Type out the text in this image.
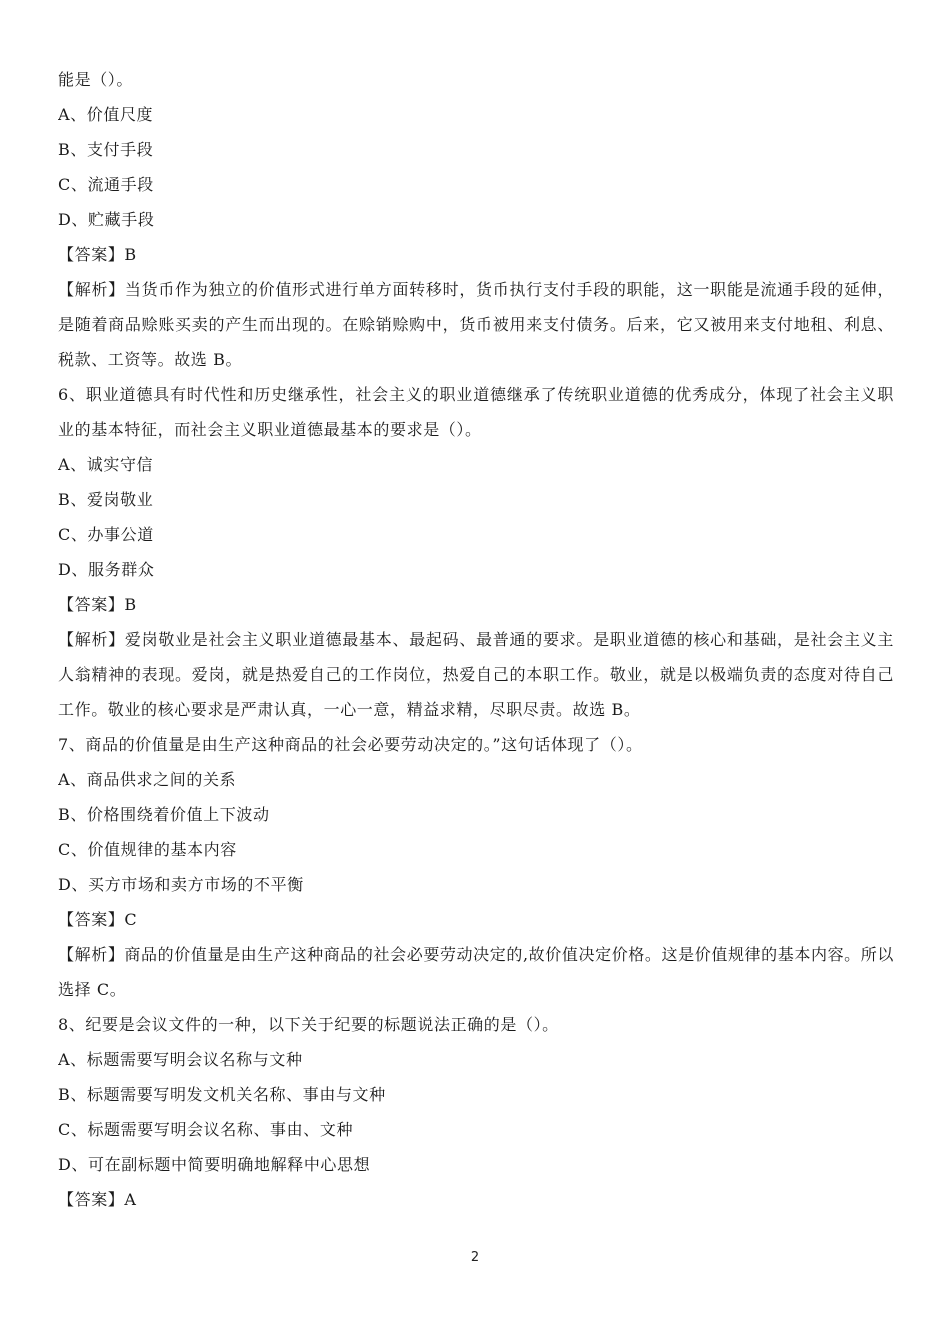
能是（）。
A、价值尺度
B、支付手段
C、流通手段
D、贮藏手段
【答案】B
【解析】当货币作为独立的价值形式进行单方面转移时，货币执行支付手段的职能，这一职能是流通手段的延伸，是随着商品赊账买卖的产生而出现的。在赊销赊购中，货币被用来支付债务。后来，它又被用来支付地租、利息、税款、工资等。故选 B。
6、职业道德具有时代性和历史继承性，社会主义的职业道德继承了传统职业道德的优秀成分，体现了社会主义职业的基本特征，而社会主义职业道德最基本的要求是（）。
A、诚实守信
B、爱岗敬业
C、办事公道
D、服务群众
【答案】B
【解析】爱岗敬业是社会主义职业道德最基本、最起码、最普通的要求。是职业道德的核心和基础，是社会主义主人翁精神的表现。爱岗，就是热爱自己的工作岗位，热爱自己的本职工作。敬业，就是以极端负责的态度对待自己工作。敬业的核心要求是严肃认真，一心一意，精益求精，尽职尽责。故选 B。
7、商品的价值量是由生产这种商品的社会必要劳动决定的。”这句话体现了（）。
A、商品供求之间的关系
B、价格围绕着价值上下波动
C、价值规律的基本内容
D、买方市场和卖方市场的不平衡
【答案】C
【解析】商品的价值量是由生产这种商品的社会必要劳动决定的,故价值决定价格。这是价值规律的基本内容。所以选择 C。
8、纪要是会议文件的一种，以下关于纪要的标题说法正确的是（）。
A、标题需要写明会议名称与文种
B、标题需要写明发文机关名称、事由与文种
C、标题需要写明会议名称、事由、文种
D、可在副标题中简要明确地解释中心思想
【答案】A
2
